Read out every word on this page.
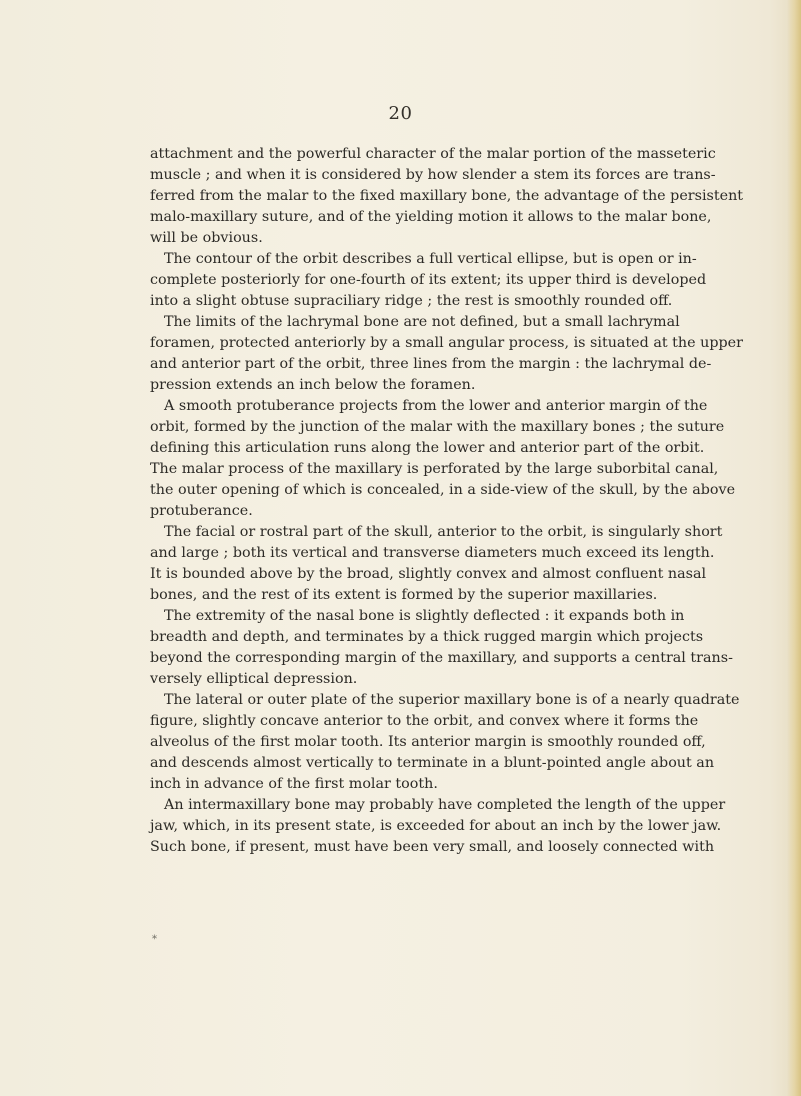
20
attachment and the powerful character of the malar portion of the masseteric
muscle ; and when it is considered by how slender a stem its forces are trans-
ferred from the malar to the fixed maxillary bone, the advantage of the persistent
malo-maxillary suture, and of the yielding motion it allows to the malar bone,
will be obvious.
The contour of the orbit describes a full vertical ellipse, but is open or in-
complete posteriorly for one-fourth of its extent; its upper third is developed
into a slight obtuse supraciliary ridge ; the rest is smoothly rounded off.
The limits of the lachrymal bone are not defined, but a small lachrymal
foramen, protected anteriorly by a small angular process, is situated at the upper
and anterior part of the orbit, three lines from the margin : the lachrymal de-
pression extends an inch below the foramen.
A smooth protuberance projects from the lower and anterior margin of the
orbit, formed by the junction of the malar with the maxillary bones ; the suture
defining this articulation runs along the lower and anterior part of the orbit.
The malar process of the maxillary is perforated by the large suborbital canal,
the outer opening of which is concealed, in a side-view of the skull, by the above
protuberance.
The facial or rostral part of the skull, anterior to the orbit, is singularly short
and large ; both its vertical and transverse diameters much exceed its length.
It is bounded above by the broad, slightly convex and almost confluent nasal
bones, and the rest of its extent is formed by the superior maxillaries.
The extremity of the nasal bone is slightly deflected : it expands both in
breadth and depth, and terminates by a thick rugged margin which projects
beyond the corresponding margin of the maxillary, and supports a central trans-
versely elliptical depression.
The lateral or outer plate of the superior maxillary bone is of a nearly quadrate
figure, slightly concave anterior to the orbit, and convex where it forms the
alveolus of the first molar tooth. Its anterior margin is smoothly rounded off,
and descends almost vertically to terminate in a blunt-pointed angle about an
inch in advance of the first molar tooth.
An intermaxillary bone may probably have completed the length of the upper
jaw, which, in its present state, is exceeded for about an inch by the lower jaw.
Such bone, if present, must have been very small, and loosely connected with
*
